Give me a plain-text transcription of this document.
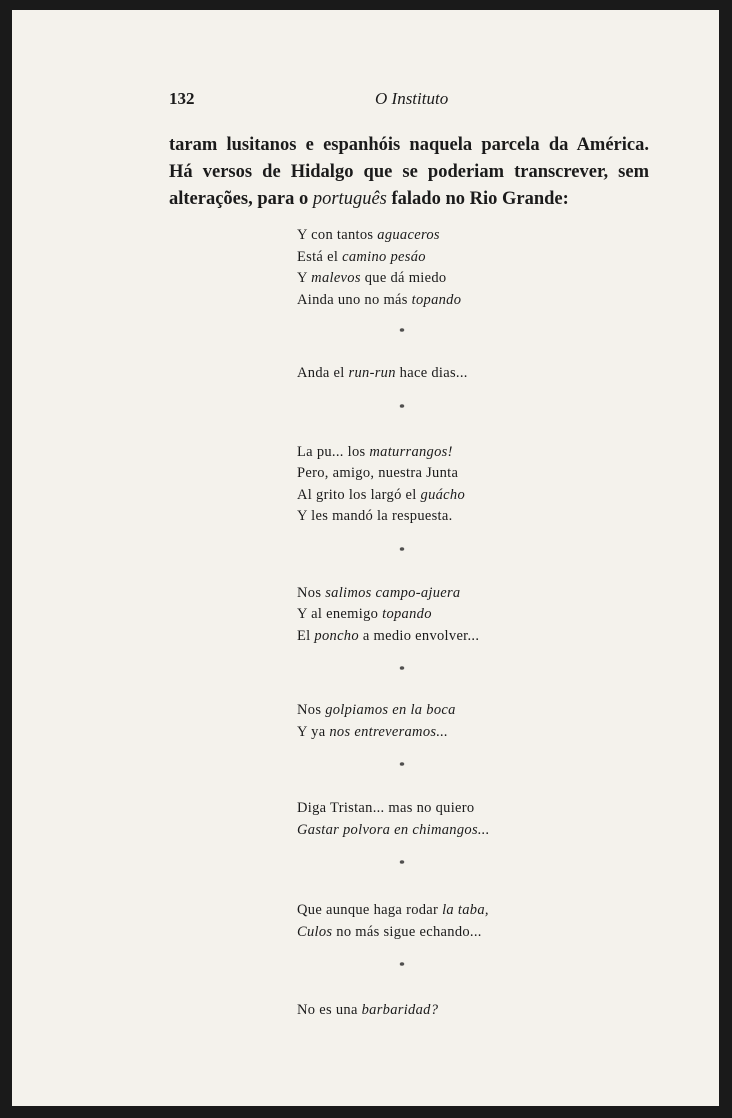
132	O Instituto
taram lusitanos e espanhóis naquela parcela da América.
Há versos de Hidalgo que se poderiam transcrever, sem
alterações, para o português falado no Rio Grande:
Y con tantos aguaceros
Está el camino pesáo
Y malevos que dá miedo
Ainda uno no más topando
*
Anda el run-run hace dias...
*
La pu... los maturrangos!
Pero, amigo, nuestra Junta
Al grito los largó el guácho
Y les mandó la respuesta.
*
Nos salimos campo-ajuera
Y al enemigo topando
El poncho a medio envolver...
*
Nos golpiamos en la boca
Y ya nos entreveramos...
*
Diga Tristan... mas no quiero
Gastar polvora en chimangos...
*
Que aunque haga rodar la taba,
Culos no más sigue echando...
*
No es una barbaridad?
